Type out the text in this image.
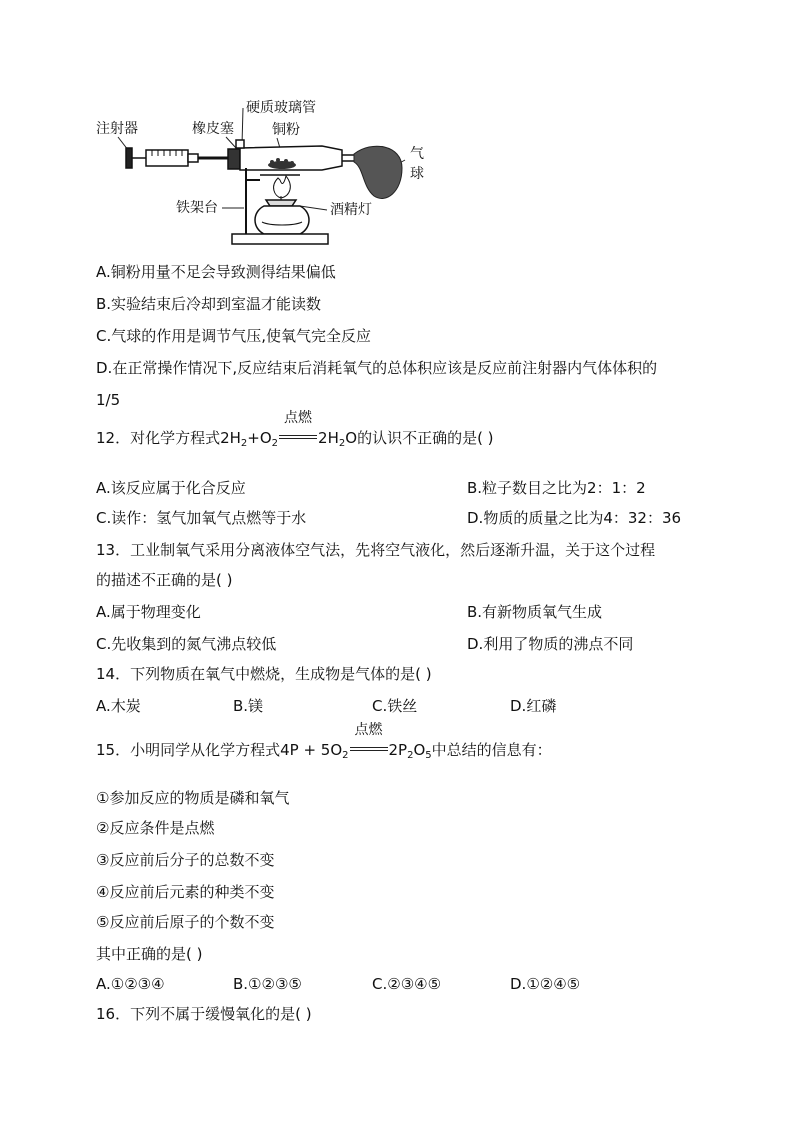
注射器	橡皮塞
硬质玻璃管
铜粉
气
球
铁架台	酒精灯
A.铜粉用量不足会导致测得结果偏低
B.实验结束后冷却到室温才能读数
C.气球的作用是调节气压,使氧气完全反应
D.在正常操作情况下,反应结束后消耗氧气的总体积应该是反应前注射器内气体体积的
1/5
12．对化学方程式$2H_2+O_2$
点燃
$2H_2O$的认识不正确的是( )
A.该反应属于化合反应	B.粒子数目之比为2：1：2
C.读作：氢气加氧气点燃等于水	D.物质的质量之比为4：32：36
13．工业制氧气采用分离液体空气法，先将空气液化，然后逐渐升温，关于这个过程
的描述不正确的是( )
A.属于物理变化	B.有新物质氧气生成
C.先收集到的氮气沸点较低	D.利用了物质的沸点不同
14．下列物质在氧气中燃烧，生成物是气体的是( )
A.木炭	B.镁	C.铁丝	D.红磷
15．小明同学从化学方程式$4P + 5O_2$
点燃
$2P_2O_5$中总结的信息有：
①参加反应的物质是磷和氧气
②反应条件是点燃
③反应前后分子的总数不变
④反应前后元素的种类不变
⑤反应前后原子的个数不变
其中正确的是( )
A.①②③④	B.①②③⑤	C.②③④⑤	D.①②④⑤
16．下列不属于缓慢氧化的是( )
